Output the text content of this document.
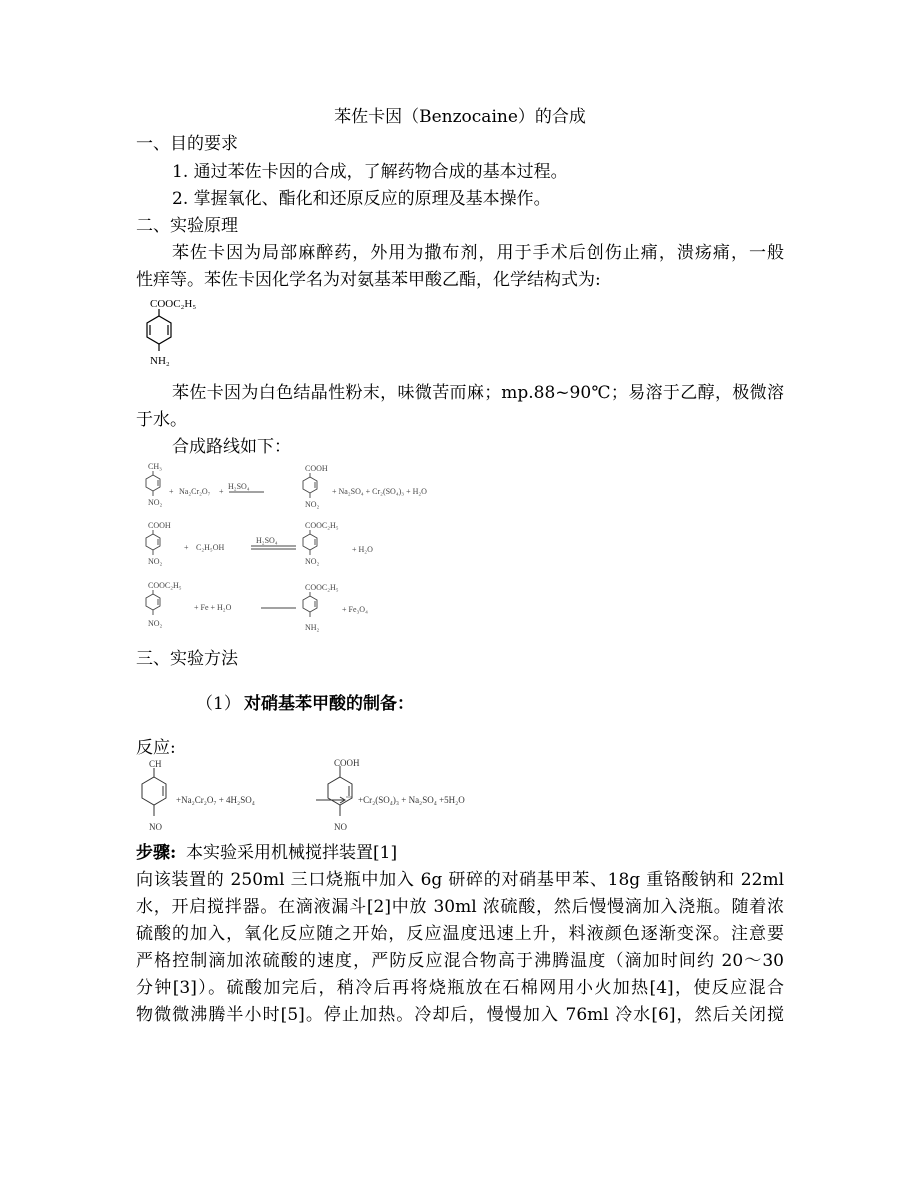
苯佐卡因（Benzocaine）的合成
一、目的要求
1. 通过苯佐卡因的合成，了解药物合成的基本过程。
2. 掌握氧化、酯化和还原反应的原理及基本操作。
二、实验原理
苯佐卡因为局部麻醉药，外用为撒布剂，用于手术后创伤止痛，溃疡痛，一般
性痒等。苯佐卡因化学名为对氨基苯甲酸乙酯，化学结构式为:
COOC₂H₅
NH₂
苯佐卡因为白色结晶性粉末，味微苦而麻；mp.88~90℃；易溶于乙醇，极微溶
于水。
合成路线如下：
CH₃
NO₂
+ Na₂Cr₂O₇ +
H₂SO₄
COOH
NO₂
+ Na₂SO₄ + Cr₂(SO₄)₃ + H₂O
COOH
NO₂
+ C₂H₅OH
H₂SO₄
COOC₂H₅
NO₂
+ H₂O
COOC₂H₅
NO₂
+ Fe + H₂O
COOC₂H₅
NH₂
+ Fe₃O₄
三、实验方法
（1） 对硝基苯甲酸的制备：
反应:
CH
NO
+Na₂Cr₂O₇ + 4H₂SO₄
COOH
NO
+Cr₂(SO₄)₃ + Na₂SO₄ +5H₂O
步骤: 本实验采用机械搅拌装置[1]
向该装置的 250ml 三口烧瓶中加入 6g 研碎的对硝基甲苯、18g 重铬酸钠和 22ml
水，开启搅拌器。在滴液漏斗[2]中放 30ml 浓硫酸，然后慢慢滴加入浇瓶。随着浓
硫酸的加入，氧化反应随之开始，反应温度迅速上升，料液颜色逐渐变深。注意要
严格控制滴加浓硫酸的速度，严防反应混合物高于沸腾温度（滴加时间约 20～30
分钟[3]）。硫酸加完后，稍冷后再将烧瓶放在石棉网用小火加热[4]，使反应混合
物微微沸腾半小时[5]。停止加热。冷却后，慢慢加入 76ml 冷水[6]，然后关闭搅
